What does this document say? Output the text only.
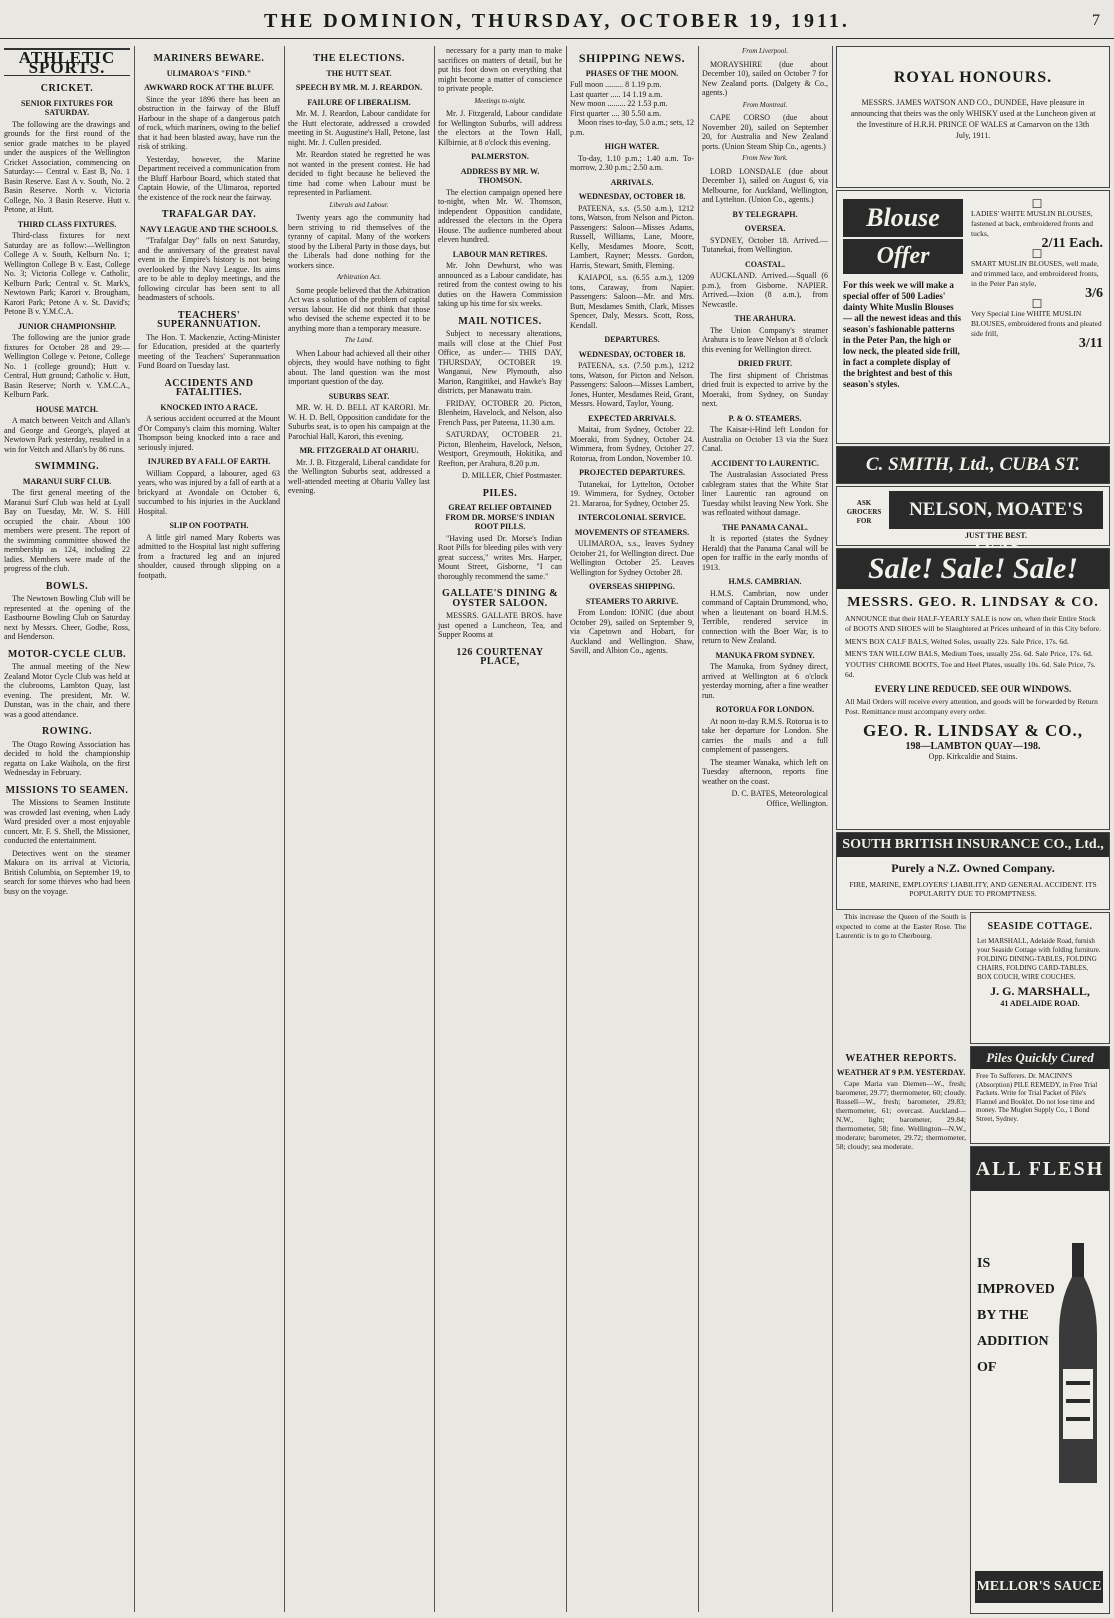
THE DOMINION, THURSDAY, OCTOBER 19, 1911.	7
ATHLETIC SPORTS.
CRICKET.
SENIOR FIXTURES FOR SATURDAY.

The following are the drawings and grounds for the first round of the senior grade matches to be played under the auspices of the Wellington Cricket Association, commencing on Saturday:— Central v. East B, No. 1 Basin Reserve. East A v. South, No. 2 Basin Reserve. North v. Victoria College, No. 3 Basin Reserve. Hutt v. Petone, at Hutt.

THIRD CLASS FIXTURES.

Third-class fixtures for next Saturday are as follow:—Wellington College A v. South, Kelburn No. 1; Wellington College B v. East, College No. 3; Victoria College v. Catholic, Kelburn Park; Central v. St. Mark's, Newtown Park; Karori v. Brougham, Karori Park; Petone A v. St. David's; Petone B v. Y.M.C.A.

JUNIOR CHAMPIONSHIP.

The following are the junior grade fixtures for October 28 and 29:—Wellington College v. Petone, College No. 1 (college ground); Hutt v. Central, Hutt ground; Catholic v. Hutt, Basin Reserve; North v. Y.M.C.A., Kelburn Park.

HOUSE MATCH.

A match between Veitch and Allan's and George and George's, played at Newtown Park yesterday, resulted in a win for Veitch and Allan's by 86 runs.

SWIMMING.
MARANUI SURF CLUB.

The first general meeting of the Maranui Surf Club was held at Lyall Bay on Tuesday, Mr. W. S. Hill occupied the chair. About 100 members were present. The report of the swimming committee showed the membership as 124, including 22 ladies. Members were made of the progress of the club.

BOWLS.

The Newtown Bowling Club will be represented at the opening of the Eastbourne Bowling Club on Saturday next by Messrs. Cheer, Godbe, Ross, and Henderson.

MOTOR-CYCLE CLUB.

The annual meeting of the New Zealand Motor Cycle Club was held at the clubrooms, Lambton Quay, last evening. The president, Mr. W. Dunstan, was in the chair, and there was a good attendance.

ROWING.

The Otago Rowing Association has decided to hold the championship regatta on Lake Waihola, on the first Wednesday in February.

MISSIONS TO SEAMEN.

The Missions to Seamen Institute was crowded last evening, when Lady Ward presided over a most enjoyable concert. Mr. F. S. Shell, the Missioner, conducted the entertainment.

Detectives went on the steamer Makura on its arrival at Victoria, British Columbia, on September 19, to search for some thieves who had been busy on the voyage.

MARINERS BEWARE.
ULIMAROA'S "FIND."
AWKWARD ROCK AT THE BLUFF.

Since the year 1896 there has been an obstruction in the fairway of the Bluff Harbour in the shape of a dangerous patch of rock, which mariners, owing to the belief that it had been blasted away, have run the risk of striking.

Yesterday, however, the Marine Department received a communication from the Bluff Harbour Board, which stated that Captain Howie, of the Ulimaroa, reported the existence of the rock near the fairway.

TRAFALGAR DAY.
NAVY LEAGUE AND THE SCHOOLS.

"Trafalgar Day" falls on next Saturday, and the anniversary of the greatest naval event in the Empire's history is not being overlooked by the Navy League. Its aims are to be able to deploy meetings, and the following circular has been sent to all headmasters of schools.

TEACHERS' SUPERANNUATION.

The Hon. T. Mackenzie, Acting-Minister for Education, presided at the quarterly meeting of the Teachers' Superannuation Fund Board on Tuesday last.

ACCIDENTS AND FATALITIES.
KNOCKED INTO A RACE.

A serious accident occurred at the Mount d'Or Company's claim this morning. Walter Thompson being knocked into a race and seriously injured.

INJURED BY A FALL OF EARTH.

William Coppard, a labourer, aged 63 years, who was injured by a fall of earth at a brickyard at Avondale on October 6, succumbed to his injuries in the Auckland Hospital.

SLIP ON FOOTPATH.

A little girl named Mary Roberts was admitted to the Hospital last night suffering from a fractured leg and an injured shoulder, caused through slipping on a footpath.

THE ELECTIONS.
THE HUTT SEAT.
SPEECH BY MR. M. J. REARDON.
FAILURE OF LIBERALISM.

Mr. M. J. Reardon, Labour candidate for the Hutt electorate, addressed a crowded meeting in St. Augustine's Hall, Petone, last night. Mr. J. Cullen presided.

Mr. Reardon stated he regretted he was not wanted in the present contest. He had decided to fight because he believed the time had come when Labour must be represented in Parliament.

Liberals and Labour.

Twenty years ago the community had been striving to rid themselves of the tyranny of capital. Many of the workers stood by the Liberal Party in those days, but the Liberals had done nothing for the workers since.

Arbitration Act.

Some people believed that the Arbitration Act was a solution of the problem of capital versus labour. He did not think that those who devised the scheme expected it to be anything more than a temporary measure.

The Land.

When Labour had achieved all their other objects, they would have nothing to fight about. The land question was the most important question of the day.

SUBURBS SEAT.

MR. W. H. D. BELL AT KARORI. Mr. W. H. D. Bell, Opposition candidate for the Suburbs seat, is to open his campaign at the Parochial Hall, Karori, this evening.

MR. FITZGERALD AT OHARIU.

Mr. J. B. Fitzgerald, Liberal candidate for the Wellington Suburbs seat, addressed a well-attended meeting at Ohariu Valley last evening.

necessary for a party man to make sacrifices on matters of detail, but he put his foot down on everything that might become a matter of conscience to private people.

Meetings to-night.

Mr. J. Fitzgerald, Labour candidate for Wellington Suburbs, will address the electors at the Town Hall, Kilbirnie, at 8 o'clock this evening.

PALMERSTON.
ADDRESS BY MR. W. THOMSON.

The election campaign opened here to-night, when Mr. W. Thomson, independent Opposition candidate, addressed the electors in the Opera House. The audience numbered about eleven hundred.

LABOUR MAN RETIRES.

Mr. John Dewhurst, who was announced as a Labour candidate, has retired from the contest owing to his duties on the Hawera Commission taking up his time for six weeks.

MAIL NOTICES.

Subject to necessary alterations, mails will close at the Chief Post Office, as under:— THIS DAY, THURSDAY, OCTOBER 19. Wanganui, New Plymouth, also Marton, Rangitikei, and Hawke's Bay districts, per Manawatu train.

FRIDAY, OCTOBER 20. Picton, Blenheim, Havelock, and Nelson, also French Pass, per Pateena, 11.30 a.m.

SATURDAY, OCTOBER 21. Picton, Blenheim, Havelock, Nelson, Westport, Greymouth, Hokitika, and Reefton, per Arahura, 8.20 p.m.

D. MILLER, Chief Postmaster.

PILES.
GREAT RELIEF OBTAINED FROM DR. MORSE'S INDIAN ROOT PILLS.

"Having used Dr. Morse's Indian Root Pills for bleeding piles with very great success," writes Mrs. Harper, Mount Street, Gisborne, "I can thoroughly recommend the same."

GALLATE'S DINING & OYSTER SALOON.

MESSRS. GALLATE BROS. have just opened a Luncheon, Tea, and Supper Rooms at

126 COURTENAY PLACE,
SHIPPING NEWS.
PHASES OF THE MOON.
Full moon ......... 8 1.19 p.m.
Last quarter ..... 14 1.19 a.m.
New moon ......... 22 1.53 p.m.
First quarter .... 30 5.50 a.m.

Moon rises to-day, 5.0 a.m.; sets, 12 p.m.

HIGH WATER.

To-day, 1.10 p.m.; 1.40 a.m. To-morrow, 2.30 p.m.; 2.50 a.m.

ARRIVALS.
WEDNESDAY, OCTOBER 18.

PATEENA, s.s. (5.50 a.m.), 1212 tons, Watson, from Nelson and Picton. Passengers: Saloon—Misses Adams, Russell, Williams, Lane, Moore, Kelly, Mesdames Moore, Scott, Lambert, Rayner; Messrs. Gordon, Harris, Stewart, Smith, Fleming.

KAIAPOI, s.s. (6.55 a.m.), 1209 tons, Caraway, from Napier. Passengers: Saloon—Mr. and Mrs. Butt, Mesdames Smith, Clark, Misses Spencer, Daly, Messrs. Scott, Ross, Kendall.

DEPARTURES.
WEDNESDAY, OCTOBER 18.

PATEENA, s.s. (7.50 p.m.), 1212 tons, Watson, for Picton and Nelson. Passengers: Saloon—Misses Lambert, Jones, Hunter, Mesdames Reid, Grant, Messrs. Howard, Taylor, Young.

EXPECTED ARRIVALS.

Maitai, from Sydney, October 22. Moeraki, from Sydney, October 24. Wimmera, from Sydney, October 27. Rotorua, from London, November 10.

PROJECTED DEPARTURES.

Tutanekai, for Lyttelton, October 19. Wimmera, for Sydney, October 21. Mararoa, for Sydney, October 25.

INTERCOLONIAL SERVICE.
MOVEMENTS OF STEAMERS.

ULIMAROA, s.s., leaves Sydney October 21, for Wellington direct. Due Wellington October 25. Leaves Wellington for Sydney October 28.

OVERSEAS SHIPPING.
STEAMERS TO ARRIVE.

From London: IONIC (due about October 29), sailed on September 9, via Capetown and Hobart, for Auckland and Wellington. Shaw, Savill, and Albion Co., agents.

From Liverpool.

MORAYSHIRE (due about December 10), sailed on October 7 for New Zealand ports. (Dalgety & Co., agents.)

From Montreal.

CAPE CORSO (due about November 20), sailed on September 20, for Australia and New Zealand ports. (Union Steam Ship Co., agents.)

From New York.

LORD LONSDALE (due about December 1), sailed on August 6, via Melbourne, for Auckland, Wellington, and Lyttelton. (Union Co., agents.)

BY TELEGRAPH.
OVERSEA.

SYDNEY, October 18. Arrived.—Tutanekai, from Wellington.

COASTAL.

AUCKLAND. Arrived.—Squall (6 p.m.), from Gisborne. NAPIER. Arrived.—Ixion (8 a.m.), from Newcastle.

THE ARAHURA.

The Union Company's steamer Arahura is to leave Nelson at 8 o'clock this evening for Wellington direct.

DRIED FRUIT.

The first shipment of Christmas dried fruit is expected to arrive by the Moeraki, from Sydney, on Sunday next.

P. & O. STEAMERS.

The Kaisar-i-Hind left London for Australia on October 13 via the Suez Canal.

ACCIDENT TO LAURENTIC.

The Australasian Associated Press cablegram states that the White Star liner Laurentic ran aground on Tuesday whilst leaving New York. She was refloated without damage.

THE PANAMA CANAL.

It is reported (states the Sydney Herald) that the Panama Canal will be open for traffic in the early months of 1913.

H.M.S. CAMBRIAN.

H.M.S. Cambrian, now under command of Captain Drummond, who, when a lieutenant on board H.M.S. Terrible, rendered service in connection with the Boer War, is to return to New Zealand.

MANUKA FROM SYDNEY.

The Manuka, from Sydney direct, arrived at Wellington at 6 o'clock yesterday morning, after a fine weather run.

ROTORUA FOR LONDON.

At noon to-day R.M.S. Rotorua is to take her departure for London. She carries the mails and a full complement of passengers.

The steamer Wanaka, which left on Tuesday afternoon, reports fine weather on the coast.

D. C. BATES, Meteorological Office, Wellington.

ROYAL HONOURS.
MESSRS. JAMES WATSON AND CO., DUNDEE, Have pleasure in announcing that theirs was the only WHISKY used at the Luncheon given at the Investiture of H.R.H. PRINCE OF WALES at Carnarvon on the 13th July, 1911.
Blouse
Offer
For this week we will make a special offer of 500 Ladies' dainty White Muslin Blouses — all the newest ideas and this season's fashionable patterns in the Peter Pan, the high or low neck, the pleated side frill, in fact a complete display of the brightest and best of this season's styles.
☐
LADIES' WHITE MUSLIN BLOUSES, fastened at back, embroidered fronts and tucks,
2/11 Each.
☐
SMART MUSLIN BLOUSES, well made, and trimmed lace, and embroidered fronts, in the Peter Pan style,
3/6
☐
Very Special Line WHITE MUSLIN BLOUSES, embroidered fronts and pleated side frill,
3/11
C. SMITH, Ltd., CUBA ST.
ASK GROCERS FOR
NELSON, MOATE'S
JUST THE BEST.
Sale! Sale! Sale!
MESSRS. GEO. R. LINDSAY & CO.
ANNOUNCE that their HALF-YEARLY SALE is now on, when their Entire Stock of BOOTS AND SHOES will be Slaughtered at Prices unheard of in this City before.
MEN'S BOX CALF BALS, Welted Soles, usually 22s. Sale Price, 17s. 6d.
MEN'S TAN WILLOW BALS, Medium Toes, usually 25s. 6d. Sale Price, 17s. 6d.
YOUTHS' CHROME BOOTS, Toe and Heel Plates, usually 10s. 6d. Sale Price, 7s. 6d.
EVERY LINE REDUCED. SEE OUR WINDOWS.
All Mail Orders will receive every attention, and goods will be forwarded by Return Post. Remittance must accompany every order.
GEO. R. LINDSAY & CO.,
198—LAMBTON QUAY—198.
Opp. Kirkcaldie and Stains.
SOUTH BRITISH INSURANCE CO., Ltd.,
Purely a N.Z. Owned Company.
FIRE, MARINE, EMPLOYERS' LIABILITY, AND GENERAL ACCIDENT. ITS POPULARITY DUE TO PROMPTNESS.

This increase the Queen of the South is expected to come at the Easter Rose. The Laurentic is to go to Cherbourg.

SEASIDE COTTAGE.
Let MARSHALL, Adelaide Road, furnish your Seaside Cottage with folding furniture. FOLDING DINING-TABLES, FOLDING CHAIRS, FOLDING CARD-TABLES, BOX COUCH, WIRE COUCHES.
J. G. MARSHALL,
41 ADELAIDE ROAD.
WEATHER REPORTS.
WEATHER AT 9 P.M. YESTERDAY.

Cape Maria van Diemen—W., fresh; barometer, 29.77; thermometer, 60; cloudy. Russell—W., fresh; barometer, 29.83; thermometer, 61; overcast. Auckland—N.W., light; barometer, 29.84; thermometer, 58; fine. Wellington—N.W., moderate; barometer, 29.72; thermometer, 58; cloudy; sea moderate.

Piles Quickly Cured
Free To Sufferers. Dr. MACINN'S (Absorption) PILE REMEDY, in Free Trial Packets. Write for Trial Packet of Pile's Flannel and Booklet. Do not lose time and money. The Muglen Supply Co., 1 Bond Street, Sydney.
ALL FLESH
IS IMPROVED BY THE ADDITION OF
MELLOR'S SAUCE
